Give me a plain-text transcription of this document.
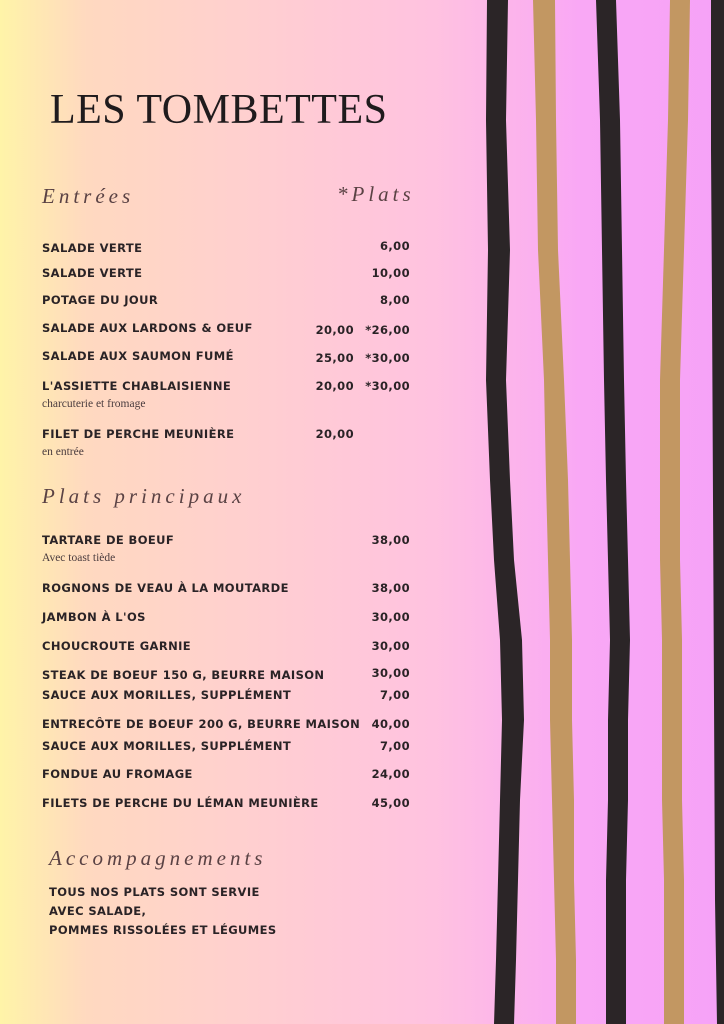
LES TOMBETTES
Entrées	*Plats
SALADE VERTE	6,00
SALADE VERTE	10,00
POTAGE DU JOUR	8,00
SALADE AUX LARDONS & OEUF	20,00 *26,00
SALADE AUX SAUMON FUMÉ	25,00 *30,00
L'ASSIETTE CHABLAISIENNE	20,00 *30,00
charcuterie et fromage
FILET DE PERCHE MEUNIÈRE	20,00
en entrée
Plats principaux
TARTARE DE BOEUF	38,00
Avec toast tiède
ROGNONS DE VEAU À LA MOUTARDE	38,00
JAMBON À L'OS	30,00
CHOUCROUTE GARNIE	30,00
STEAK DE BOEUF 150 G, BEURRE MAISON	30,00
SAUCE AUX MORILLES, SUPPLÉMENT	7,00
ENTRECÔTE DE BOEUF 200 G, BEURRE MAISON 40,00
SAUCE AUX MORILLES, SUPPLÉMENT	7,00
FONDUE AU FROMAGE	24,00
FILETS DE PERCHE DU LÉMAN MEUNIÈRE	45,00
Accompagnements
TOUS NOS PLATS SONT SERVIE
AVEC SALADE,
POMMES RISSOLÉES ET LÉGUMES
